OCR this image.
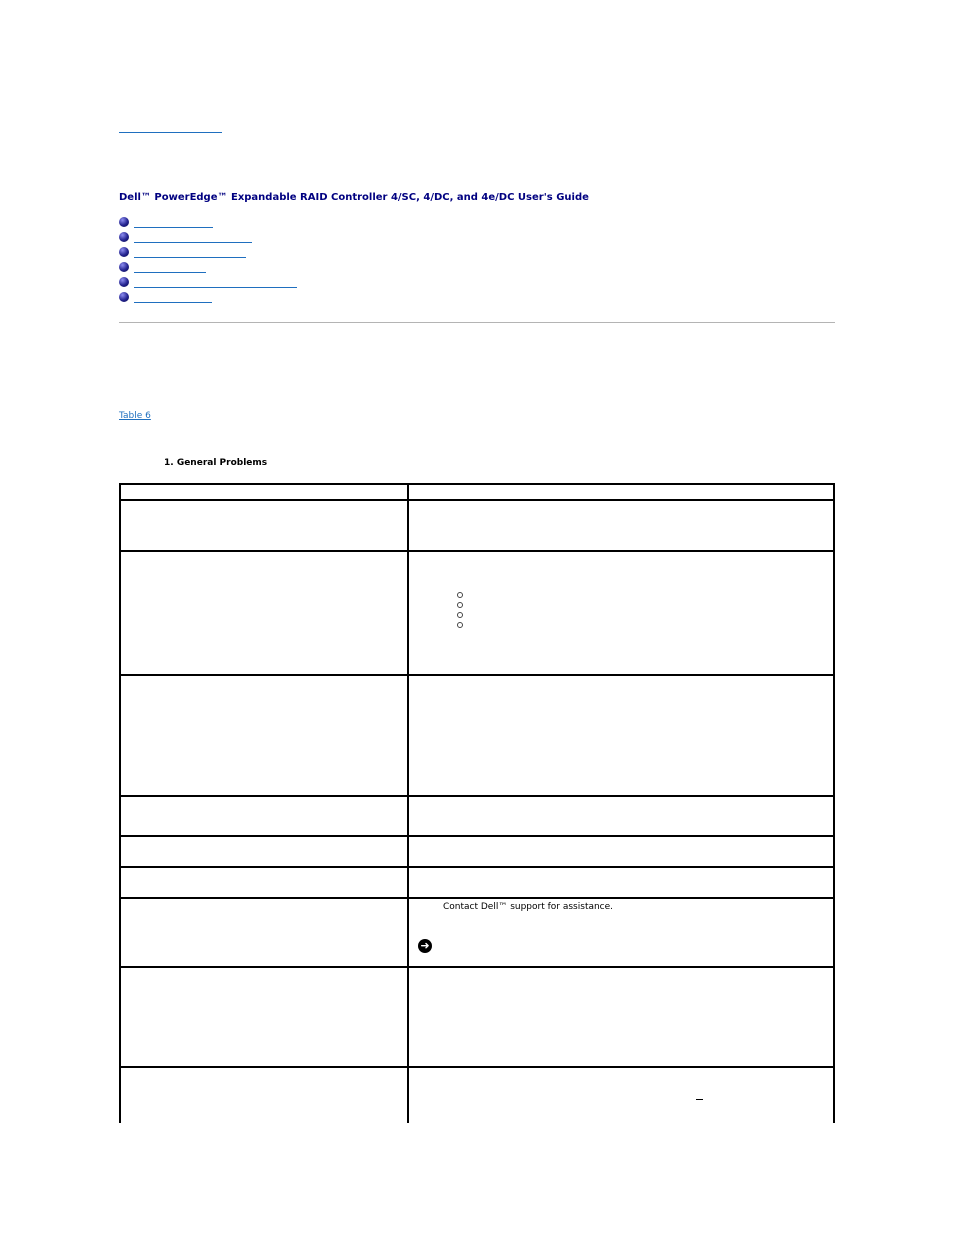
Dell™ PowerEdge™ Expandable RAID Controller 4/SC, 4/DC, and 4e/DC User's Guide
Table 6
1. General Problems
Contact Dell™ support for assistance.
➜
